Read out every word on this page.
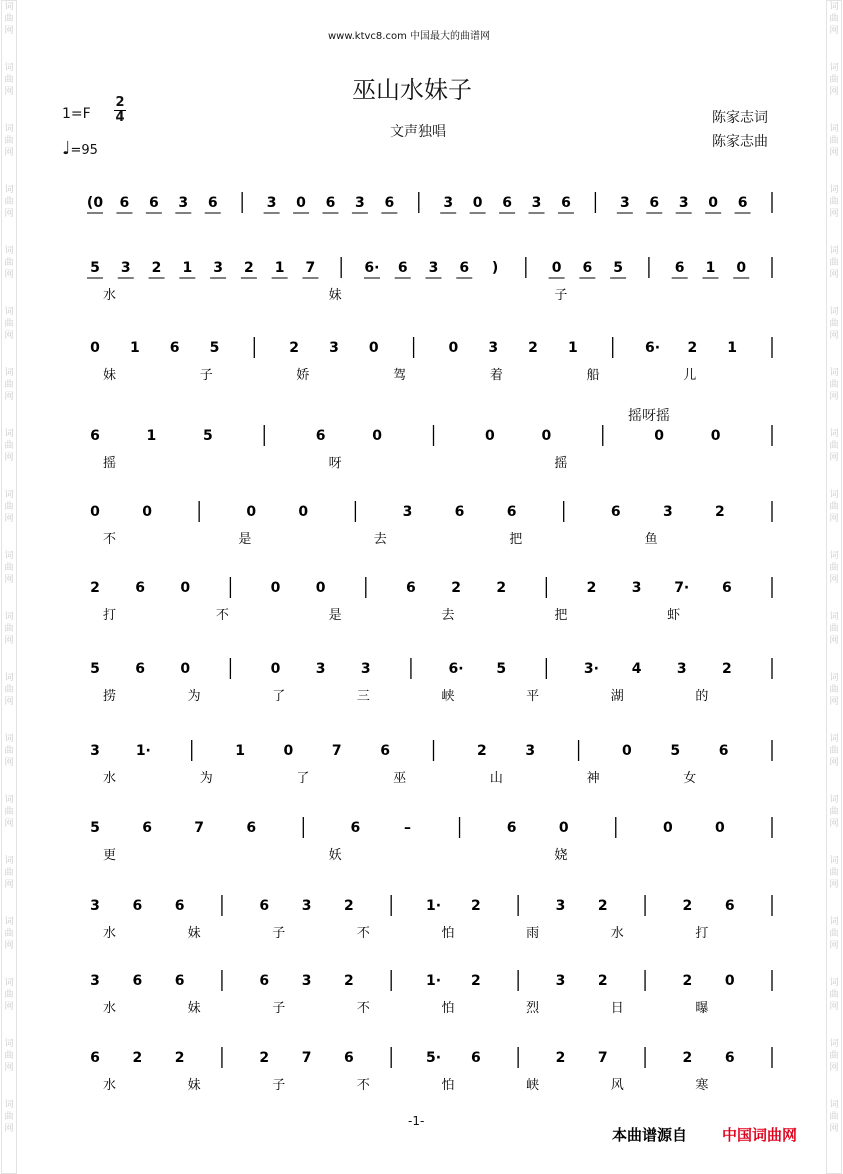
词
曲
网
词
曲
网
词
曲
网
词
曲
网
词
曲
网
词
曲
网
词
曲
网
词
曲
网
词
曲
网
词
曲
网
词
曲
网
词
曲
网
词
曲
网
词
曲
网
词
曲
网
词
曲
网
词
曲
网
词
曲
网
词
曲
网
词
曲
网
词
曲
网
词
曲
网
词
曲
网
词
曲
网
词
曲
网
词
曲
网
词
曲
网
词
曲
网
词
曲
网
词
曲
网
词
曲
网
词
曲
网
词
曲
网
词
曲
网
词
曲
网
词
曲
网
词
曲
网
词
曲
网
www.ktvc8.com 中国最大的曲谱网
巫山水妹子
1=F
2
4
♩=95
文声独唱
陈家志词
陈家志曲
摇呀摇
(0 6 6 3 6	3 0 6 3 6	3 0 6 3 6	3 6 3 0 6
5 3 2 1 3 2 1 7	6· 6 3 6 )	0 6 5	6 1 0
水	妹	子
0 1 6 5	2 3 0	0 3 2 1	6· 2 1
妹	子	娇	驾	着	船	儿
6	1	5	6	0	0	0	0	0
摇	呀	摇
0	0	0	0	3	6	6	6	3	2
不	是	去	把	鱼
2	6	0	0	0	6	2	2	2	3 7· 6
打	不	是	去	把	虾
5	6	0	0	3	3	6· 5	3· 4	3	2
捞	为	了	三	峡	平	湖	的
3	1·	1	0	7	6	2	3	0	5	6
水	为	了	巫	山	神	女
5	6	7	6	6	–	6	0	0	0
更	妖	娆
3 6 6	6 3 2	1· 2	3 2	2 6
水	妹	子	不	怕	雨	水	打
3 6 6	6 3 2	1· 2	3 2	2 0
水	妹	子	不	怕	烈	日	曝
6 2 2	2 7 6	5· 6	2 7	2 6
水	妹	子	不	怕	峡	风	寒
-1-
本曲谱源自 中国词曲网
